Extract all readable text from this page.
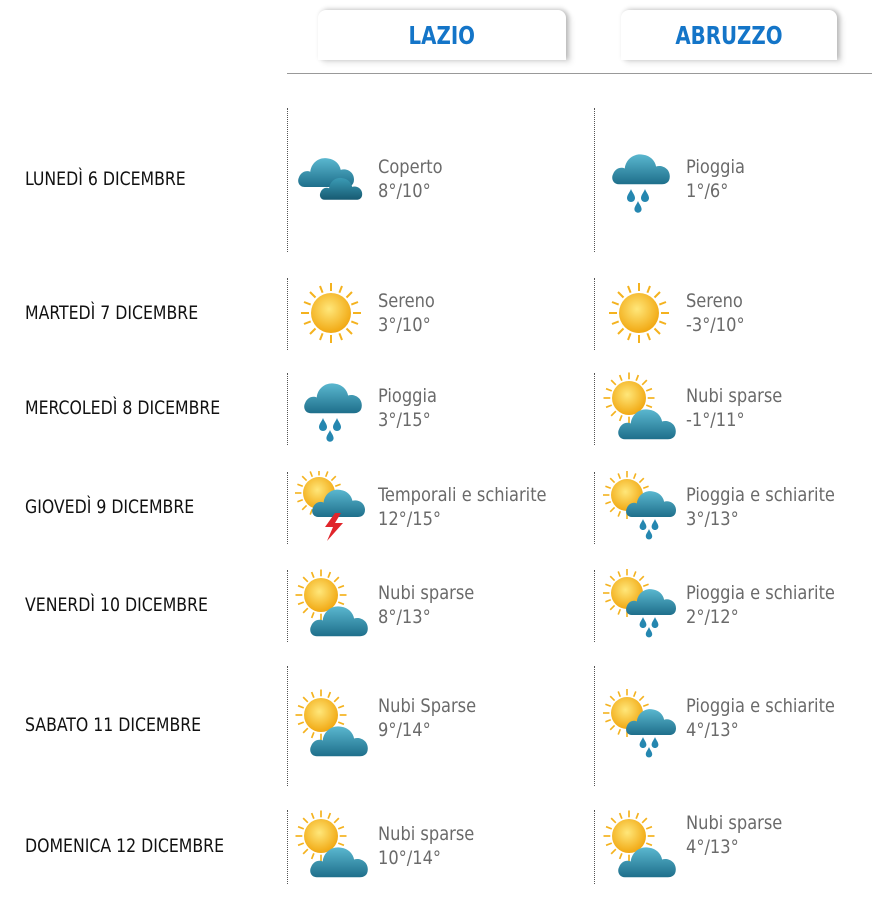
LAZIO	ABRUZZO
LUNEDÌ 6 DICEMBRE
Coperto
8°/10°
Pioggia
1°/6°
MARTEDÌ 7 DICEMBRE
Sereno
3°/10°
Sereno
-3°/10°
MERCOLEDÌ 8 DICEMBRE
Pioggia
3°/15°
Nubi sparse
-1°/11°
GIOVEDÌ 9 DICEMBRE
Temporali e schiarite
12°/15°
Pioggia e schiarite
3°/13°
VENERDÌ 10 DICEMBRE
Nubi sparse
8°/13°
Pioggia e schiarite
2°/12°
SABATO 11 DICEMBRE
Nubi Sparse
9°/14°
Pioggia e schiarite
4°/13°
DOMENICA 12 DICEMBRE
Nubi sparse
10°/14°
Nubi sparse
4°/13°
